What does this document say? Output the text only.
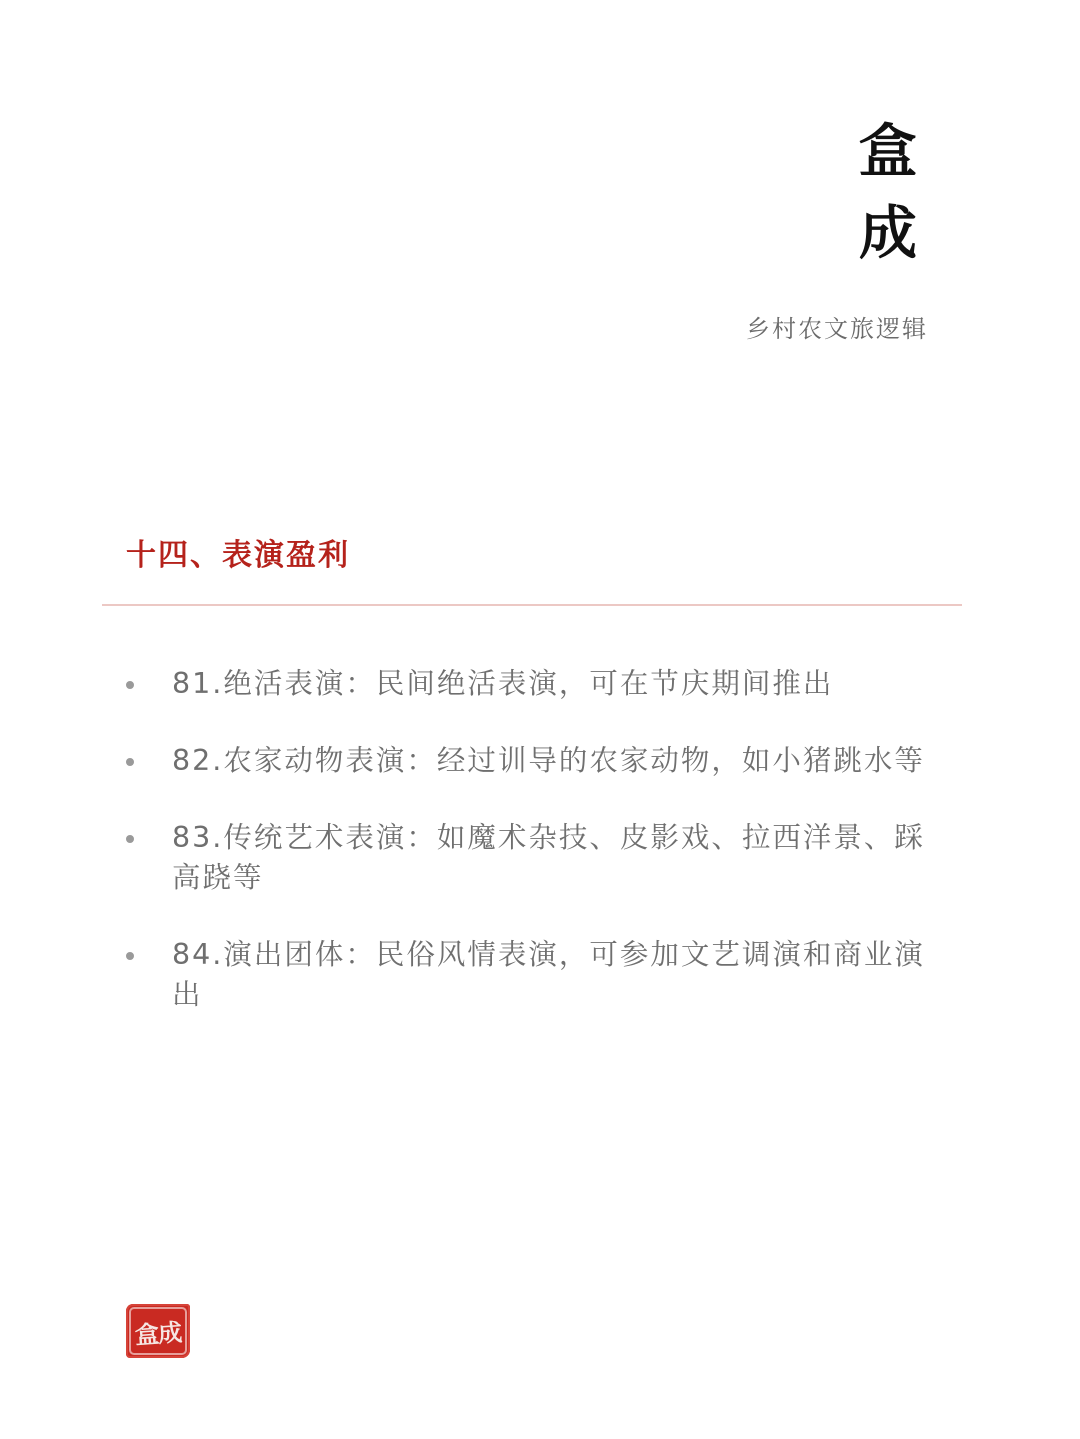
盒
成
乡村农文旅逻辑
十四、表演盈利
81.绝活表演：民间绝活表演，可在节庆期间推出
82.农家动物表演：经过训导的农家动物，如小猪跳水等
83.传统艺术表演：如魔术杂技、皮影戏、拉西洋景、踩高跷等
84.演出团体：民俗风情表演，可参加文艺调演和商业演出
盒成
